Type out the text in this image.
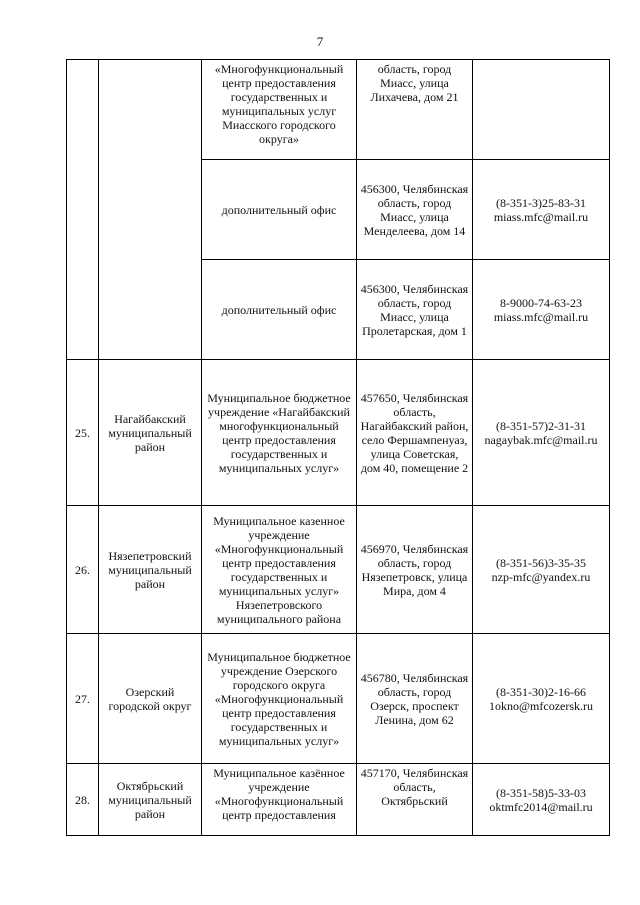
7
		«Многофункциональный центр предоставления государственных и муниципальных услуг Миасского городского округа»	область, город Миасс, улица Лихачева, дом 21	

		дополнительный офис	456300, Челябинская область, город Миасс, улица Менделеева, дом 14	(8-351-3)25-83-31
miass.mfc@mail.ru

		дополнительный офис	456300, Челябинская область, город Миасс, улица Пролетарская, дом 1	8-9000-74-63-23
miass.mfc@mail.ru

25.	Нагайбакский муниципальный район	Муниципальное бюджетное учреждение «Нагайбакский многофункциональный центр предоставления государственных и муниципальных услуг»	457650, Челябинская область, Нагайбакский район, село Фершампенуаз, улица Советская, дом 40, помещение 2	(8-351-57)2-31-31
nagaybak.mfc@mail.ru

26.	Нязепетровский муниципальный район	Муниципальное казенное учреждение «Многофункциональный центр предоставления государственных и муниципальных услуг» Нязепетровского муниципального района	456970, Челябинская область, город Нязепетровск, улица Мира, дом 4	(8-351-56)3-35-35
nzp-mfc@yandex.ru

27.	Озерский городской округ	Муниципальное бюджетное учреждение Озерского городского округа «Многофункциональный центр предоставления государственных и муниципальных услуг»	456780, Челябинская область, город Озерск, проспект Ленина, дом 62	(8-351-30)2-16-66
1okno@mfcozersk.ru

28.	Октябрьский муниципальный район	Муниципальное казённое учреждение «Многофункциональный центр предоставления	457170, Челябинская область, Октябрьский	(8-351-58)5-33-03
oktmfc2014@mail.ru
